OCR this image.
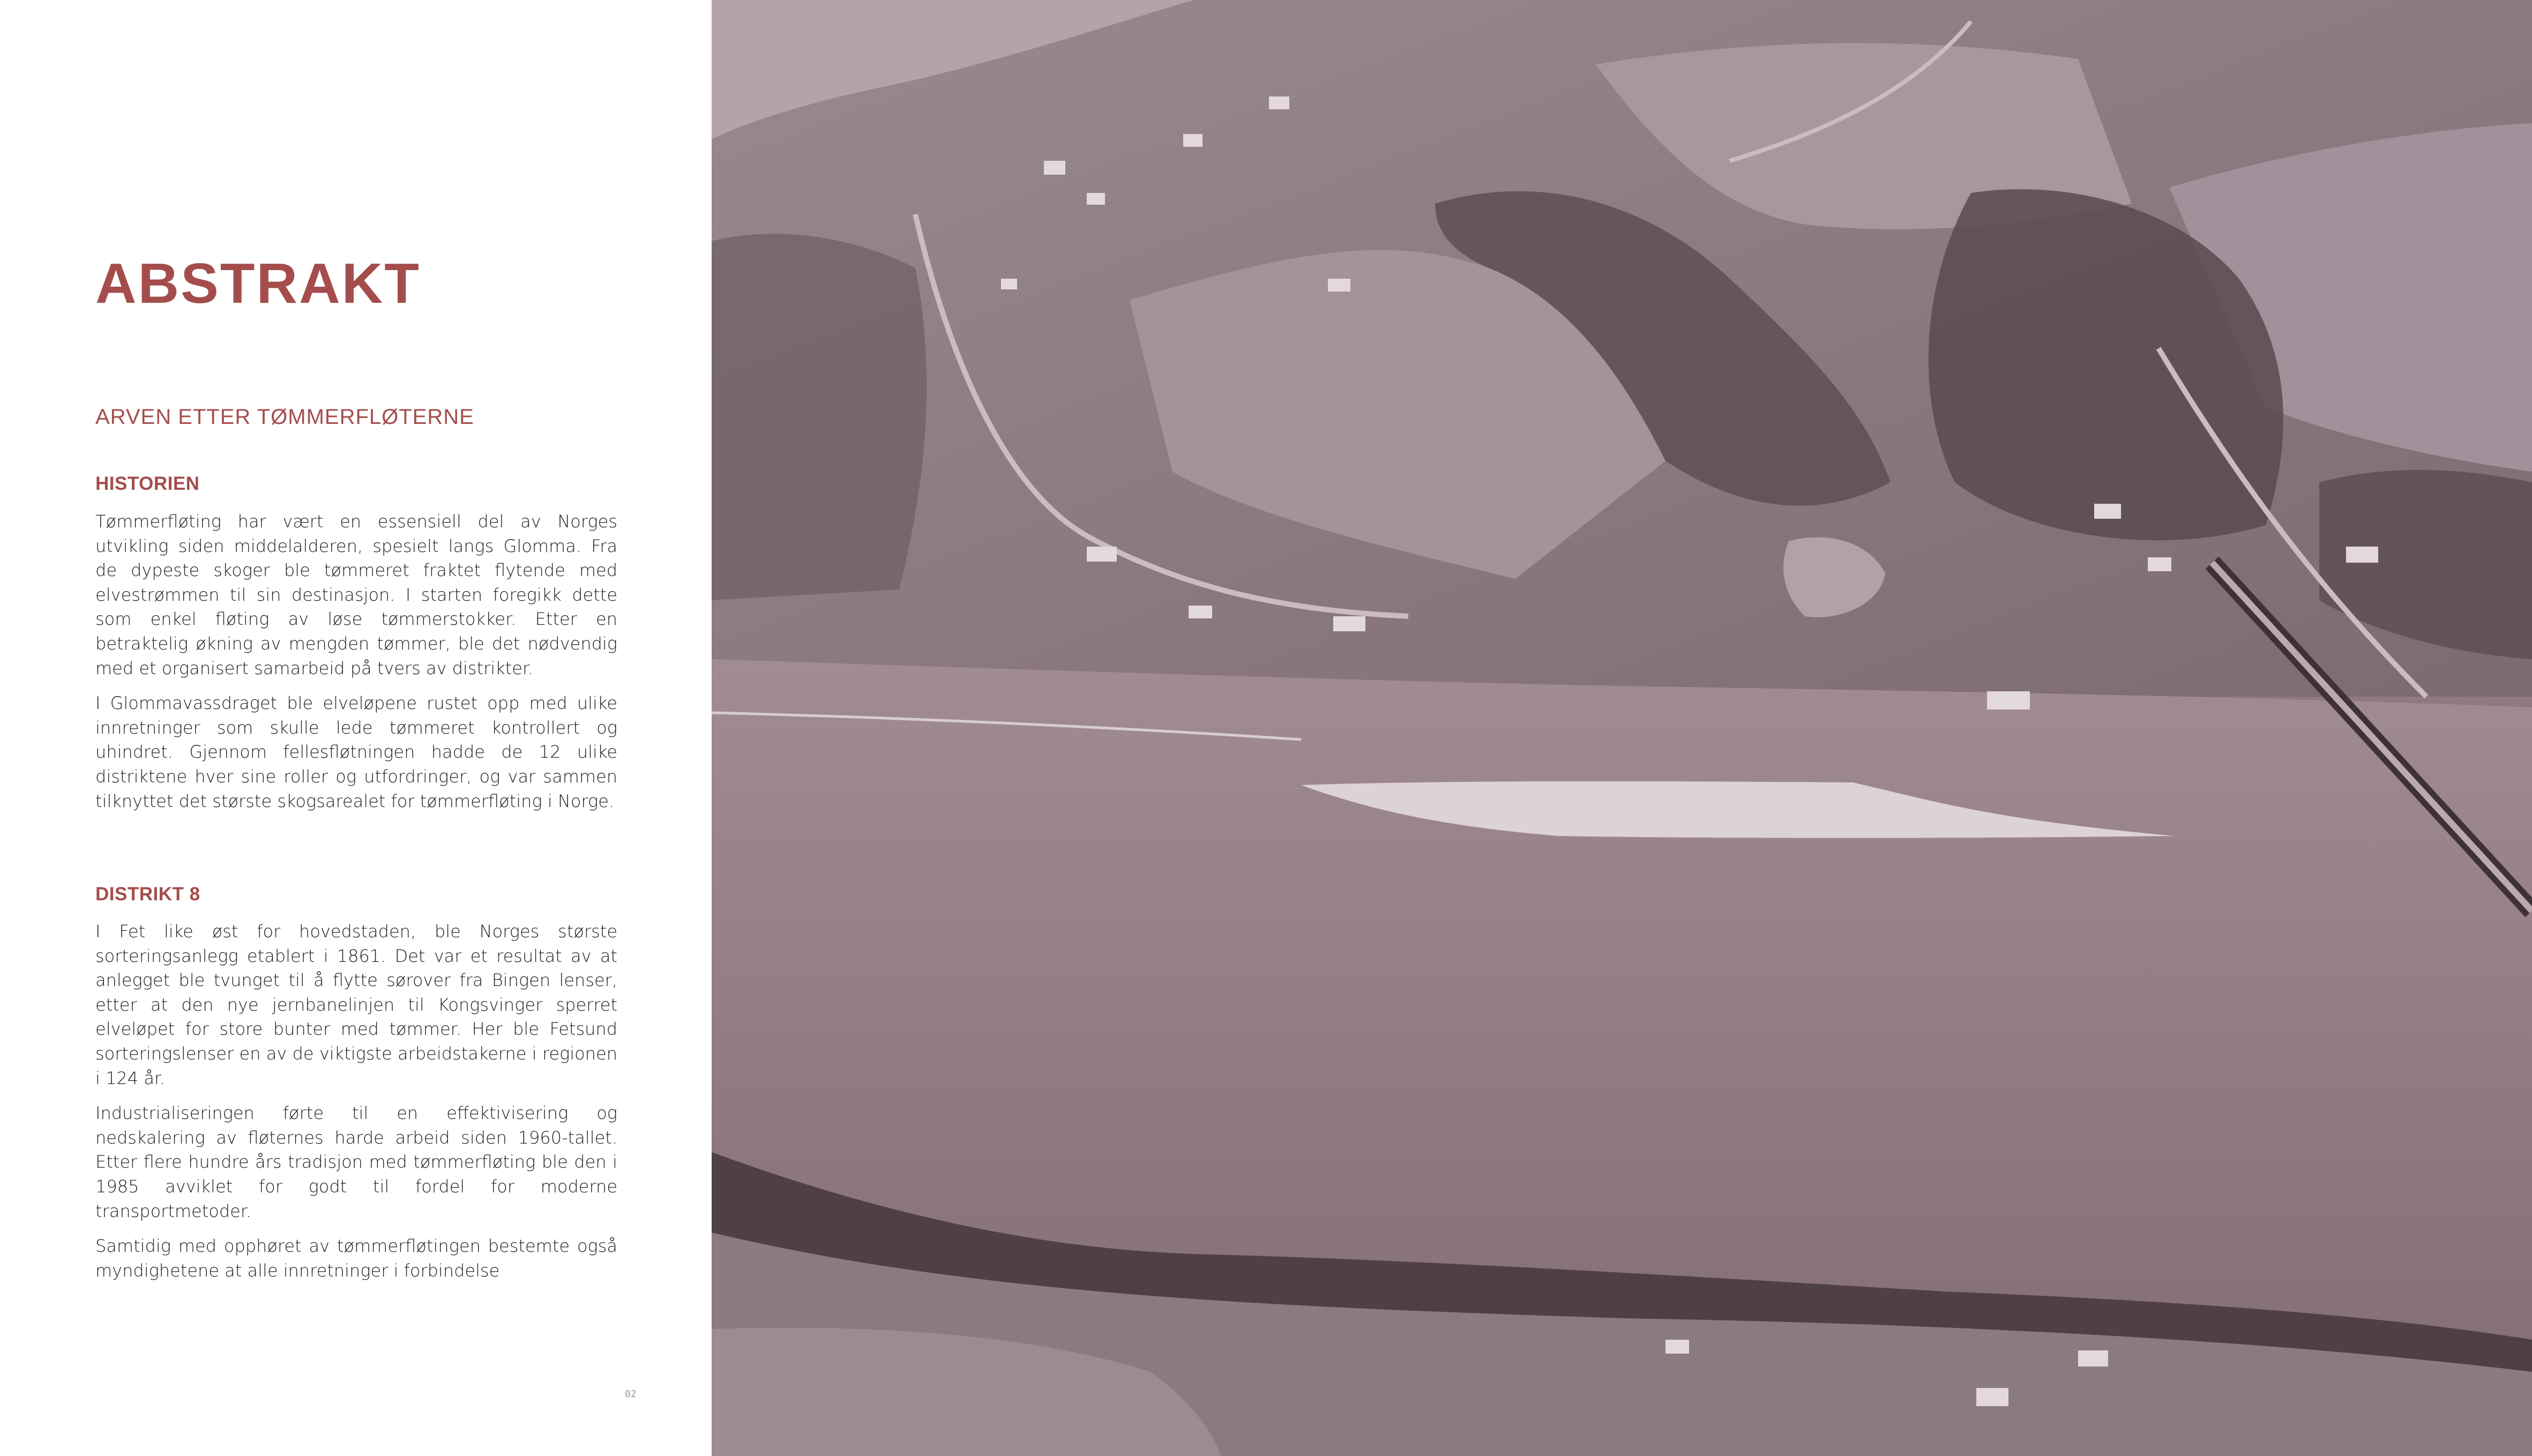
ABSTRAKT
ARVEN ETTER TØMMERFLØTERNE
HISTORIEN

Tømmerfløting har vært en essensiell del av Norges utvikling siden middelalderen, spesielt langs Glomma. Fra de dypeste skoger ble tømmeret fraktet flytende med elvestrømmen til sin destinasjon. I starten foregikk dette som enkel fløting av løse tømmerstokker. Etter en betraktelig økning av mengden tømmer, ble det nødvendig med et organisert samarbeid på tvers av distrikter.

I Glommavassdraget ble elveløpene rustet opp med ulike innretninger som skulle lede tømmeret kontrollert og uhindret. Gjennom fellesfløtningen hadde de 12 ulike distriktene hver sine roller og utfordringer, og var sammen tilknyttet det største skogsarealet for tømmerfløting i Norge.

DISTRIKT 8

I Fet like øst for hovedstaden, ble Norges største sorteringsanlegg etablert i 1861. Det var et resultat av at anlegget ble tvunget til å flytte sørover fra Bingen lenser, etter at den nye jernbanelinjen til Kongsvinger sperret elveløpet for store bunter med tømmer. Her ble Fetsund sorteringslenser en av de viktigste arbeidstakerne i regionen i 124 år.

Industrialiseringen førte til en effektivisering og nedskalering av fløternes harde arbeid siden 1960-tallet. Etter flere hundre års tradisjon med tømmerfløting ble den i 1985 avviklet for godt til fordel for moderne transportmetoder.

Samtidig med opphøret av tømmerfløtingen bestemte også myndighetene at alle innretninger i forbindelse

02
